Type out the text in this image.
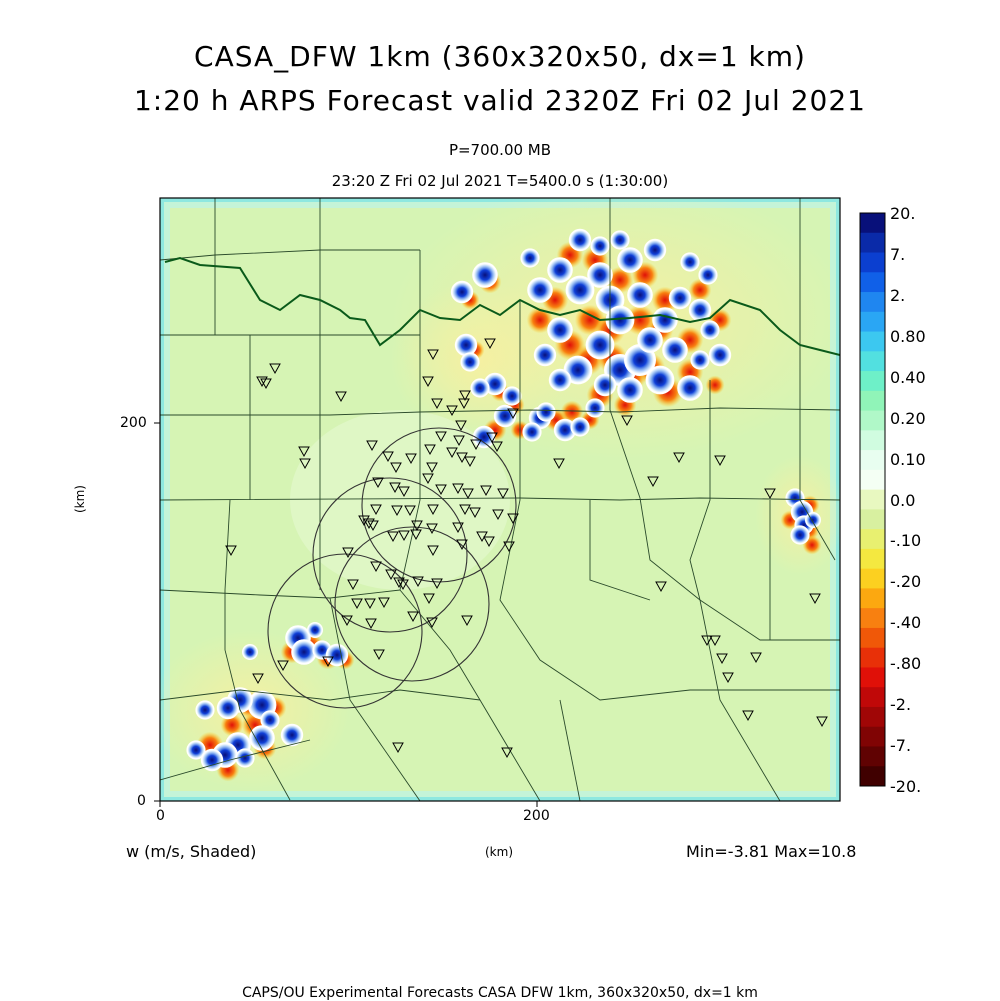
CASA_DFW 1km (360x320x50, dx=1 km)
1:20 h ARPS Forecast valid 2320Z Fri 02 Jul 2021
P=700.00 MB
23:20 Z Fri 02 Jul 2021 T=5400.0 s (1:30:00)
0	200
0
200
(km)
(km)
w (m/s, Shaded)	Min=-3.81 Max=10.8
20.
7.
2.
0.80
0.40
0.20
0.10
0.0
-.10
-.20
-.40
-.80
-2.
-7.
-20.
CAPS/OU Experimental Forecasts CASA DFW 1km, 360x320x50, dx=1 km
